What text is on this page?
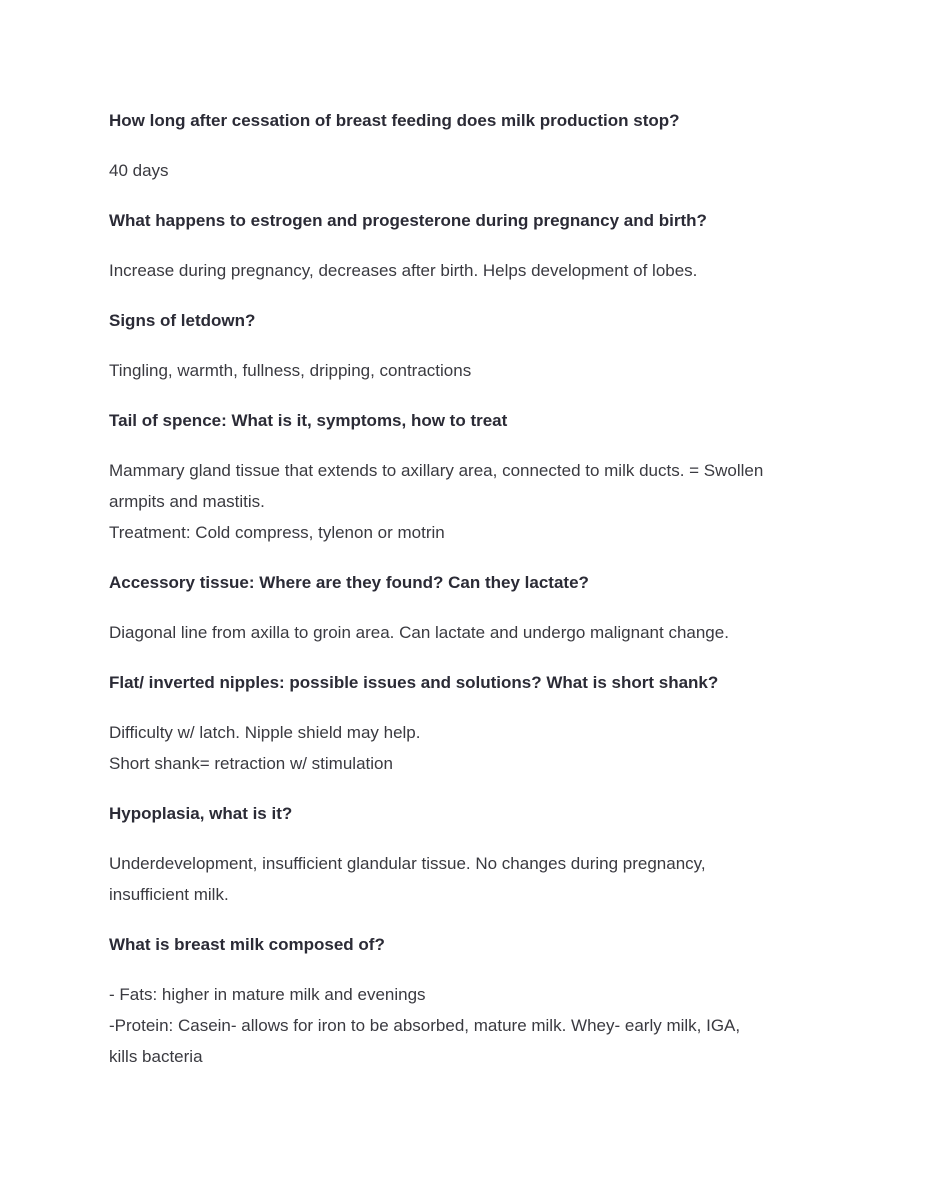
How long after cessation of breast feeding does milk production stop?
40 days
What happens to estrogen and progesterone during pregnancy and birth?
Increase during pregnancy, decreases after birth. Helps development of lobes.
Signs of letdown?
Tingling, warmth, fullness, dripping, contractions
Tail of spence: What is it, symptoms, how to treat
Mammary gland tissue that extends to axillary area, connected to milk ducts. = Swollen
armpits and mastitis.
Treatment: Cold compress, tylenon or motrin
Accessory tissue: Where are they found? Can they lactate?
Diagonal line from axilla to groin area. Can lactate and undergo malignant change.
Flat/ inverted nipples: possible issues and solutions? What is short shank?
Difficulty w/ latch. Nipple shield may help.
Short shank= retraction w/ stimulation
Hypoplasia, what is it?
Underdevelopment, insufficient glandular tissue. No changes during pregnancy,
insufficient milk.
What is breast milk composed of?
- Fats: higher in mature milk and evenings
-Protein: Casein- allows for iron to be absorbed, mature milk. Whey- early milk, IGA,
kills bacteria
